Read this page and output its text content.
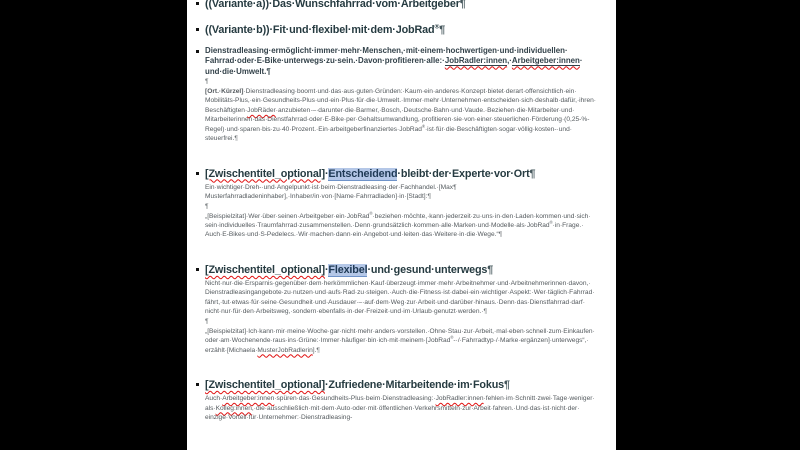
((Variante·​a))·​Das·​Wunschfahrrad·​vom·​Arbeitgeber¶
((Variante·​b))·​Fit·​und·​flexibel·​mit·​dem·​JobRad®¶
Dienstradleasing·​ermöglicht·​immer·​mehr·​Menschen,·​mit·​einem·​hochwertigen·​und·​individuellen·​Fahrrad·​oder·​E-Bike·​unterwegs·​zu·​sein.·​Davon·​profitieren·​alle:·​JobRadler:innen,·​Arbeitgeber:innen·​und·​die·​Umwelt.¶
¶
[Ort.·​Kürzel]·​Dienstradleasing·​boomt·​und·​das·​aus·​guten·​Gründen:·​Kaum·​ein·​anderes·​Konzept·​bietet·​derart·​offensichtlich·​ein·​Mobilitäts-Plus,·​ein·​Gesundheits-Plus·​und·​ein·​Plus·​für·​die·​Umwelt.·​Immer·​mehr·​Unternehmen·​entscheiden·​sich·​deshalb·​dafür,·​ihren·​Beschäftigten·​JobRäder·​anzubieten·​–·​darunter·​die·​Barmer,·​Bosch,·​Deutsche·​Bahn·​und·​Vaude.·​Beziehen·​die·​Mitarbeiter·​und·​Mitarbeiterinnen·​das·​Dienstfahrrad·​oder·​E-Bike·​per·​Gehaltsumwandlung,·​profitieren·​sie·​von·​einer·​steuerlichen·​Förderung·​(0,25-%-Regel)·​und·​sparen·​bis·​zu·​40·​Prozent.·​Ein·​arbeitgeberfinanziertes·​JobRad®·​ist·​für·​die·​Beschäftigten·​sogar·​völlig·​kosten-·​und·​steuerfrei.¶
[Zwischentitel_optional]·​Entscheidend·​bleibt·​der·​Experte·​vor·​Ort¶
Ein·​wichtiger·​Dreh-·​und·​Angelpunkt·​ist·​beim·​Dienstradleasing·​der·​Fachhandel.·​[Max¶
Musterfahrradladeninhaber],·​Inhaber/in·​von·​[Name·​Fahrradladen]·​in·​[Stadt]:¶
¶
„[Beispielzitat]·​Wer·​über·​seinen·​Arbeitgeber·​ein·​JobRad®·​beziehen·​möchte,·​kann·​jederzeit·​zu·​uns·​in·​den·​Laden·​kommen·​und·​sich·​sein·​individuelles·​Traumfahrrad·​zusammenstellen.·​Denn·​grundsätzlich·​kommen·​alle·​Marken·​und·​Modelle·​als·​JobRad®·​in·​Frage.·​Auch·​E-Bikes·​und·​S-Pedelecs.·​Wir·​machen·​dann·​ein·​Angebot·​und·​leiten·​das·​Weitere·​in·​die·​Wege.“¶
[Zwischentitel_optional]·​Flexibel·​und·​gesund·​unterwegs¶
Nicht·​nur·​die·​Ersparnis·​gegenüber·​dem·​herkömmlichen·​Kauf·​überzeugt·​immer·​mehr·​Arbeitnehmer·​und·​Arbeitnehmerinnen·​davon,·​Dienstradleasingangebote·​zu·​nutzen·​und·​aufs·​Rad·​zu·​steigen.·​Auch·​die·​Fitness·​ist·​dabei·​ein·​wichtiger·​Aspekt:·​Wer·​täglich·​Fahrrad·​fährt,·​tut·​etwas·​für·​seine·​Gesundheit·​und·​Ausdauer·​–·​auf·​dem·​Weg·​zur·​Arbeit·​und·​darüber·​hinaus.·​Denn·​das·​Dienstfahrrad·​darf·​nicht·​nur·​für·​den·​Arbeitsweg,·​sondern·​ebenfalls·​in·​der·​Freizeit·​und·​im·​Urlaub·​genutzt·​werden.·​¶
¶
„[Beispielzitat]·​Ich·​kann·​mir·​meine·​Woche·​gar·​nicht·​mehr·​anders·​vorstellen.·​Ohne·​Stau·​zur·​Arbeit,·​mal·​eben·​schnell·​zum·​Einkaufen·​oder·​am·​Wochenende·​raus·​ins·​Grüne:·​Immer·​häufiger·​bin·​ich·​mit·​meinem·​[JobRad®-·​/·​Fahrradtyp·​/·​Marke·​ergänzen]·​unterwegs“,·​erzählt·​[Michaela·​MusterJobRadlerin].¶
[Zwischentitel_optional]·​Zufriedene·​Mitarbeitende·​im·​Fokus¶
Auch·​Arbeitgeber:innen·​spüren·​das·​Gesundheits-Plus·​beim·​Dienstradleasing:·​JobRadler:innen·​fehlen·​im·​Schnitt·​zwei·​Tage·​weniger·​als·​Kolleg:innen,·​die·​ausschließlich·​mit·​dem·​Auto·​oder·​mit·​öffentlichen·​Verkehrsmitteln·​zur·​Arbeit·​fahren.·​Und·​das·​ist·​nicht·​der·​einzige·​Vorteil·​für·​Unternehmer:·​Dienstradleasing-
